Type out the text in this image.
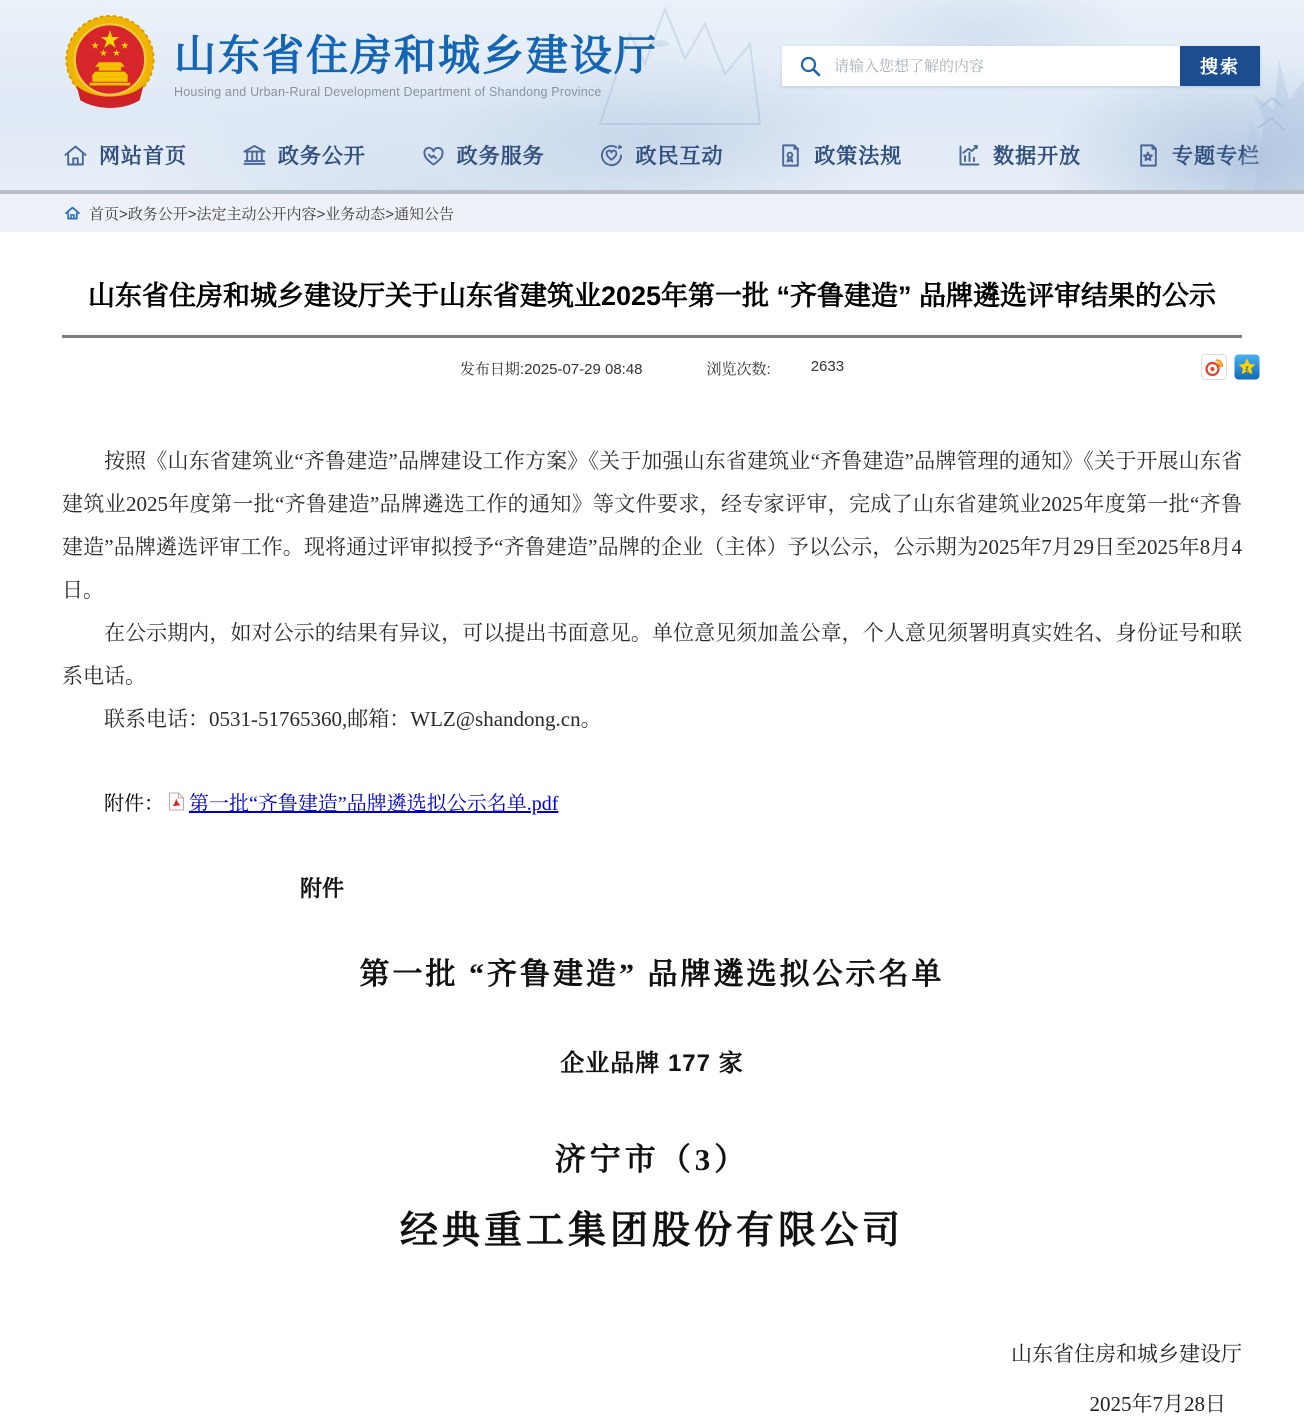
山东省住房和城乡建设厅
Housing and Urban-Rural Development Department of Shandong Province
请输入您想了解的内容
搜索
网站首页	政务公开	政务服务	政民互动	政策法规	数据开放	专题专栏
首页>政务公开>法定主动公开内容>业务动态>通知公告
山东省住房和城乡建设厅关于山东省建筑业2025年第一批 “齐鲁建造” 品牌遴选评审结果的公示
发布日期:2025-07-29 08:48	浏览次数:	2633	z

按照《山东省建筑业“齐鲁建造”品牌建设工作方案》《关于加强山东省建筑业“齐鲁建造”品牌管理的通知》《关于开展山东省建筑业2025年度第一批“齐鲁建造”品牌遴选工作的通知》等文件要求，经专家评审，完成了山东省建筑业2025年度第一批“齐鲁建造”品牌遴选评审工作。现将通过评审拟授予“齐鲁建造”品牌的企业（主体）予以公示，公示期为2025年7月29日至2025年8月4日。

在公示期内，如对公示的结果有异议，可以提出书面意见。单位意见须加盖公章，个人意见须署明真实姓名、身份证号和联系电话。

联系电话：0531-51765360,邮箱：WLZ@shandong.cn。

附件： 第一批“齐鲁建造”品牌遴选拟公示名单.pdf
附件
第一批 “齐鲁建造” 品牌遴选拟公示名单
企业品牌 177 家
济宁市（3）
经典重工集团股份有限公司
山东省住房和城乡建设厅
2025年7月28日
